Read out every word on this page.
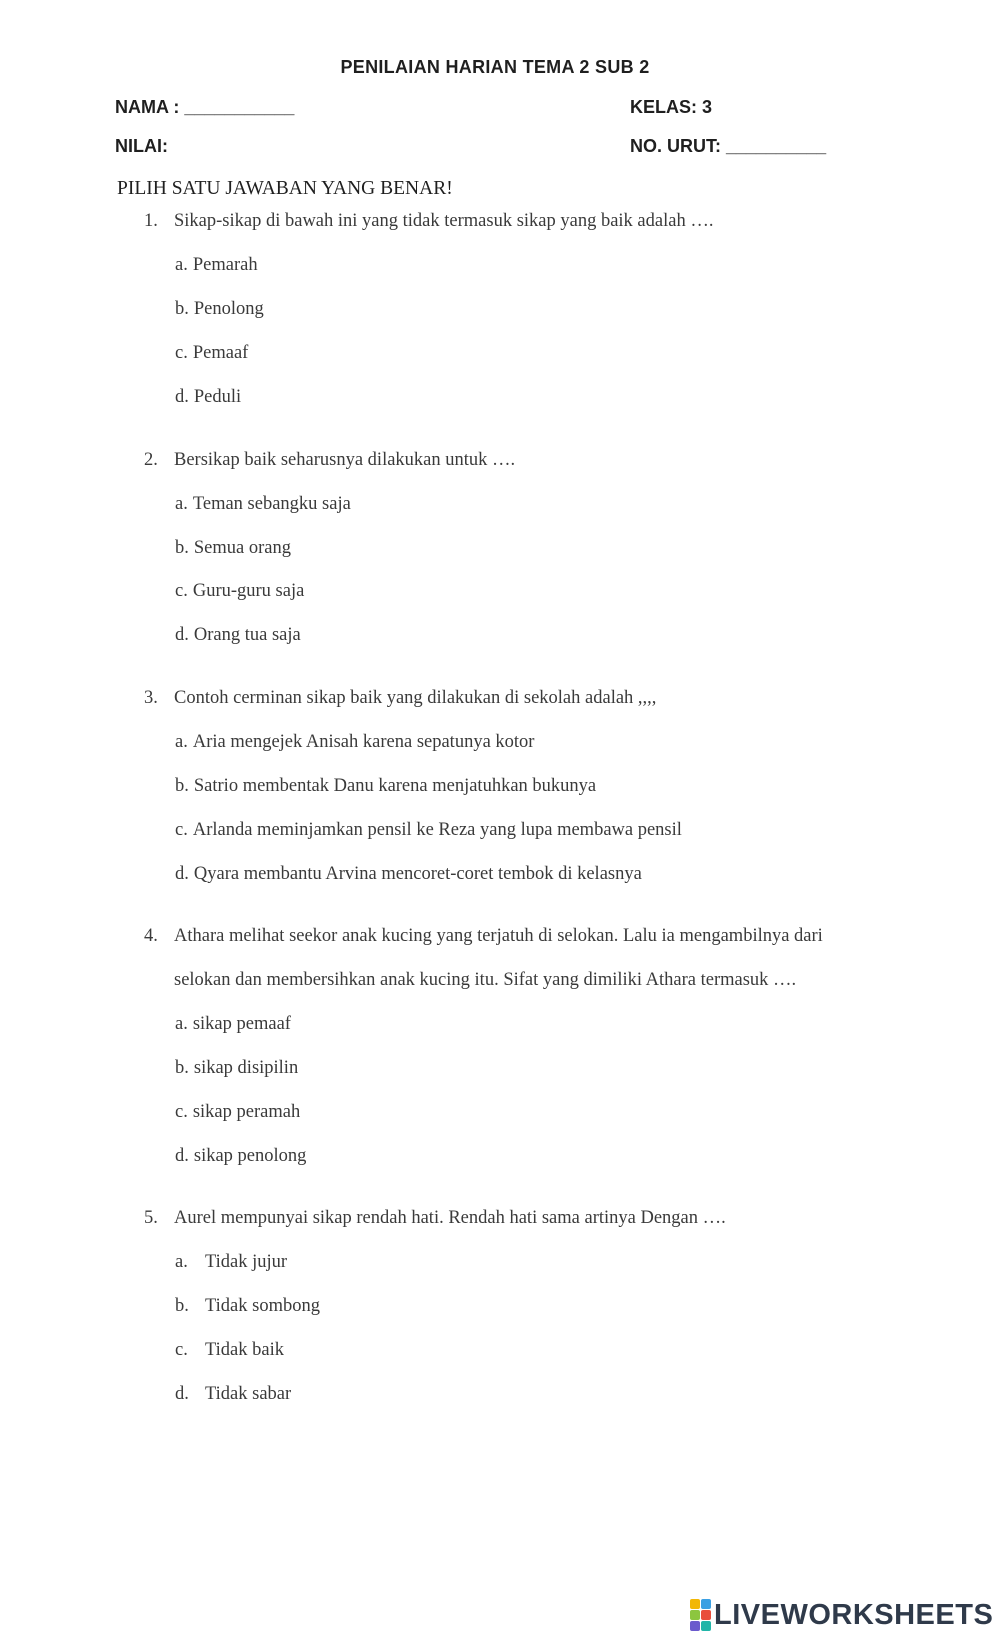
PENILAIAN HARIAN TEMA 2 SUB 2
NAMA : ___________	KELAS: 3
NILAI:	NO. URUT: __________
PILIH SATU JAWABAN YANG BENAR!
1. Sikap-sikap di bawah ini yang tidak termasuk sikap yang baik adalah ….
a. Pemarah
b. Penolong
c. Pemaaf
d. Peduli
2. Bersikap baik seharusnya dilakukan untuk ….
a. Teman sebangku saja
b. Semua orang
c. Guru-guru saja
d. Orang tua saja
3. Contoh cerminan sikap baik yang dilakukan di sekolah adalah ,,,,
a. Aria mengejek Anisah karena sepatunya kotor
b. Satrio membentak Danu karena menjatuhkan bukunya
c. Arlanda meminjamkan pensil ke Reza yang lupa membawa pensil
d. Qyara membantu Arvina mencoret-coret tembok di kelasnya
4. Athara melihat seekor anak kucing yang terjatuh di selokan. Lalu ia mengambilnya dari
selokan dan membersihkan anak kucing itu. Sifat yang dimiliki Athara termasuk ….
a. sikap pemaaf
b. sikap disipilin
c. sikap peramah
d. sikap penolong
5. Aurel mempunyai sikap rendah hati. Rendah hati sama artinya Dengan ….
a. Tidak jujur
b. Tidak sombong
c. Tidak baik
d. Tidak sabar
LIVEWORKSHEETS
